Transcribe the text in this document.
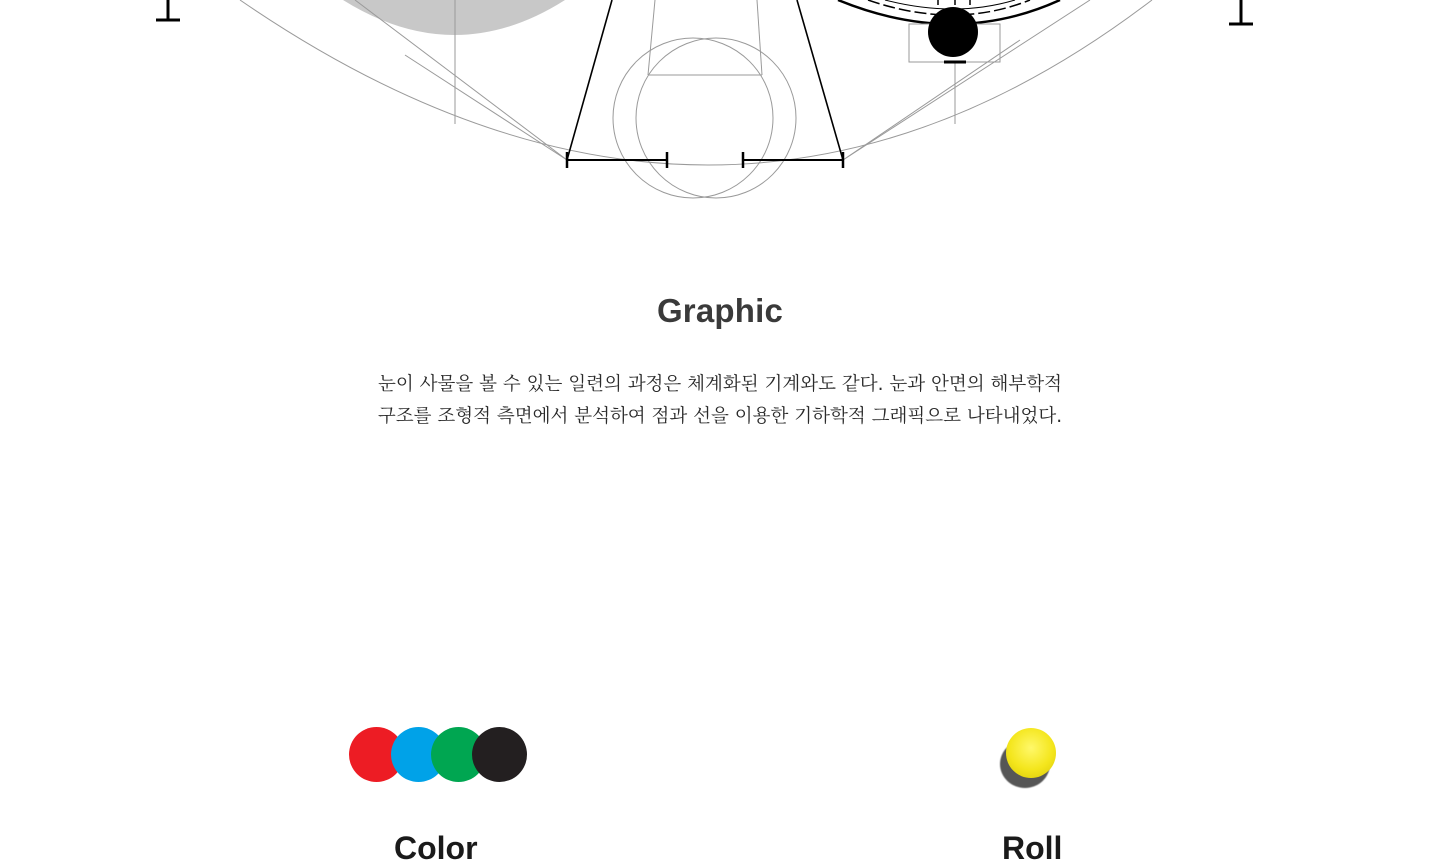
Graphic

눈이 사물을 볼 수 있는 일련의 과정은 체계화된 기계와도 같다. 눈과 안면의 해부학적
구조를 조형적 측면에서 분석하여 점과 선을 이용한 기하학적 그래픽으로 나타내었다.

Color	Roll
